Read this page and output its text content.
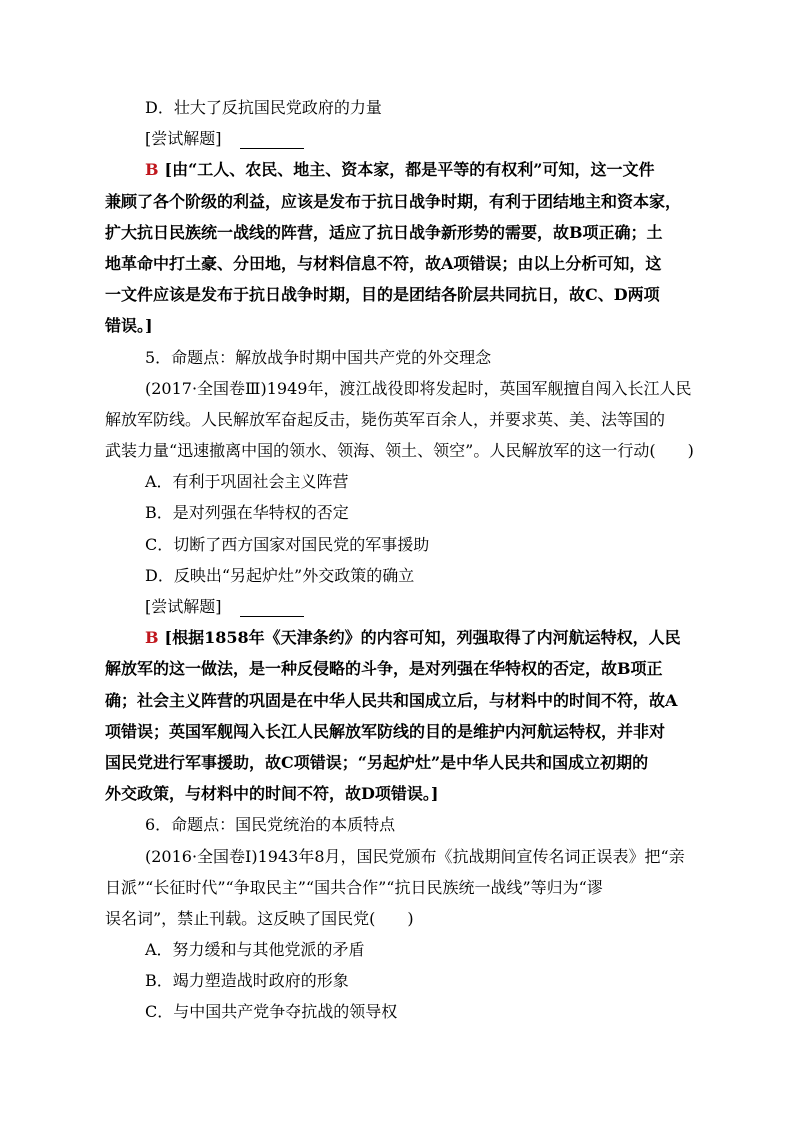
D．壮大了反抗国民党政府的力量
[尝试解题]
B [由“工人、农民、地主、资本家，都是平等的有权利”可知，这一文件
兼顾了各个阶级的利益，应该是发布于抗日战争时期，有利于团结地主和资本家，
扩大抗日民族统一战线的阵营，适应了抗日战争新形势的需要，故B项正确；土
地革命中打土豪、分田地，与材料信息不符，故A项错误；由以上分析可知，这
一文件应该是发布于抗日战争时期，目的是团结各阶层共同抗日，故C、D两项
错误。]
5．命题点：解放战争时期中国共产党的外交理念
(2017·全国卷Ⅲ)1949年，渡江战役即将发起时，英国军舰擅自闯入长江人民
解放军防线。人民解放军奋起反击，毙伤英军百余人，并要求英、美、法等国的
武装力量“迅速撤离中国的领水、领海、领土、领空”。人民解放军的这一行动(　　)
A．有利于巩固社会主义阵营
B．是对列强在华特权的否定
C．切断了西方国家对国民党的军事援助
D．反映出“另起炉灶”外交政策的确立
[尝试解题]
B [根据1858年《天津条约》的内容可知，列强取得了内河航运特权，人民
解放军的这一做法，是一种反侵略的斗争，是对列强在华特权的否定，故B项正
确；社会主义阵营的巩固是在中华人民共和国成立后，与材料中的时间不符，故A
项错误；英国军舰闯入长江人民解放军防线的目的是维护内河航运特权，并非对
国民党进行军事援助，故C项错误；“另起炉灶”是中华人民共和国成立初期的
外交政策，与材料中的时间不符，故D项错误。]
6．命题点：国民党统治的本质特点
(2016·全国卷Ⅰ)1943年8月，国民党颁布《抗战期间宣传名词正误表》把“亲
日派”“长征时代”“争取民主”“国共合作”“抗日民族统一战线”等归为“谬
误名词”，禁止刊载。这反映了国民党(　　)
A．努力缓和与其他党派的矛盾
B．竭力塑造战时政府的形象
C．与中国共产党争夺抗战的领导权
